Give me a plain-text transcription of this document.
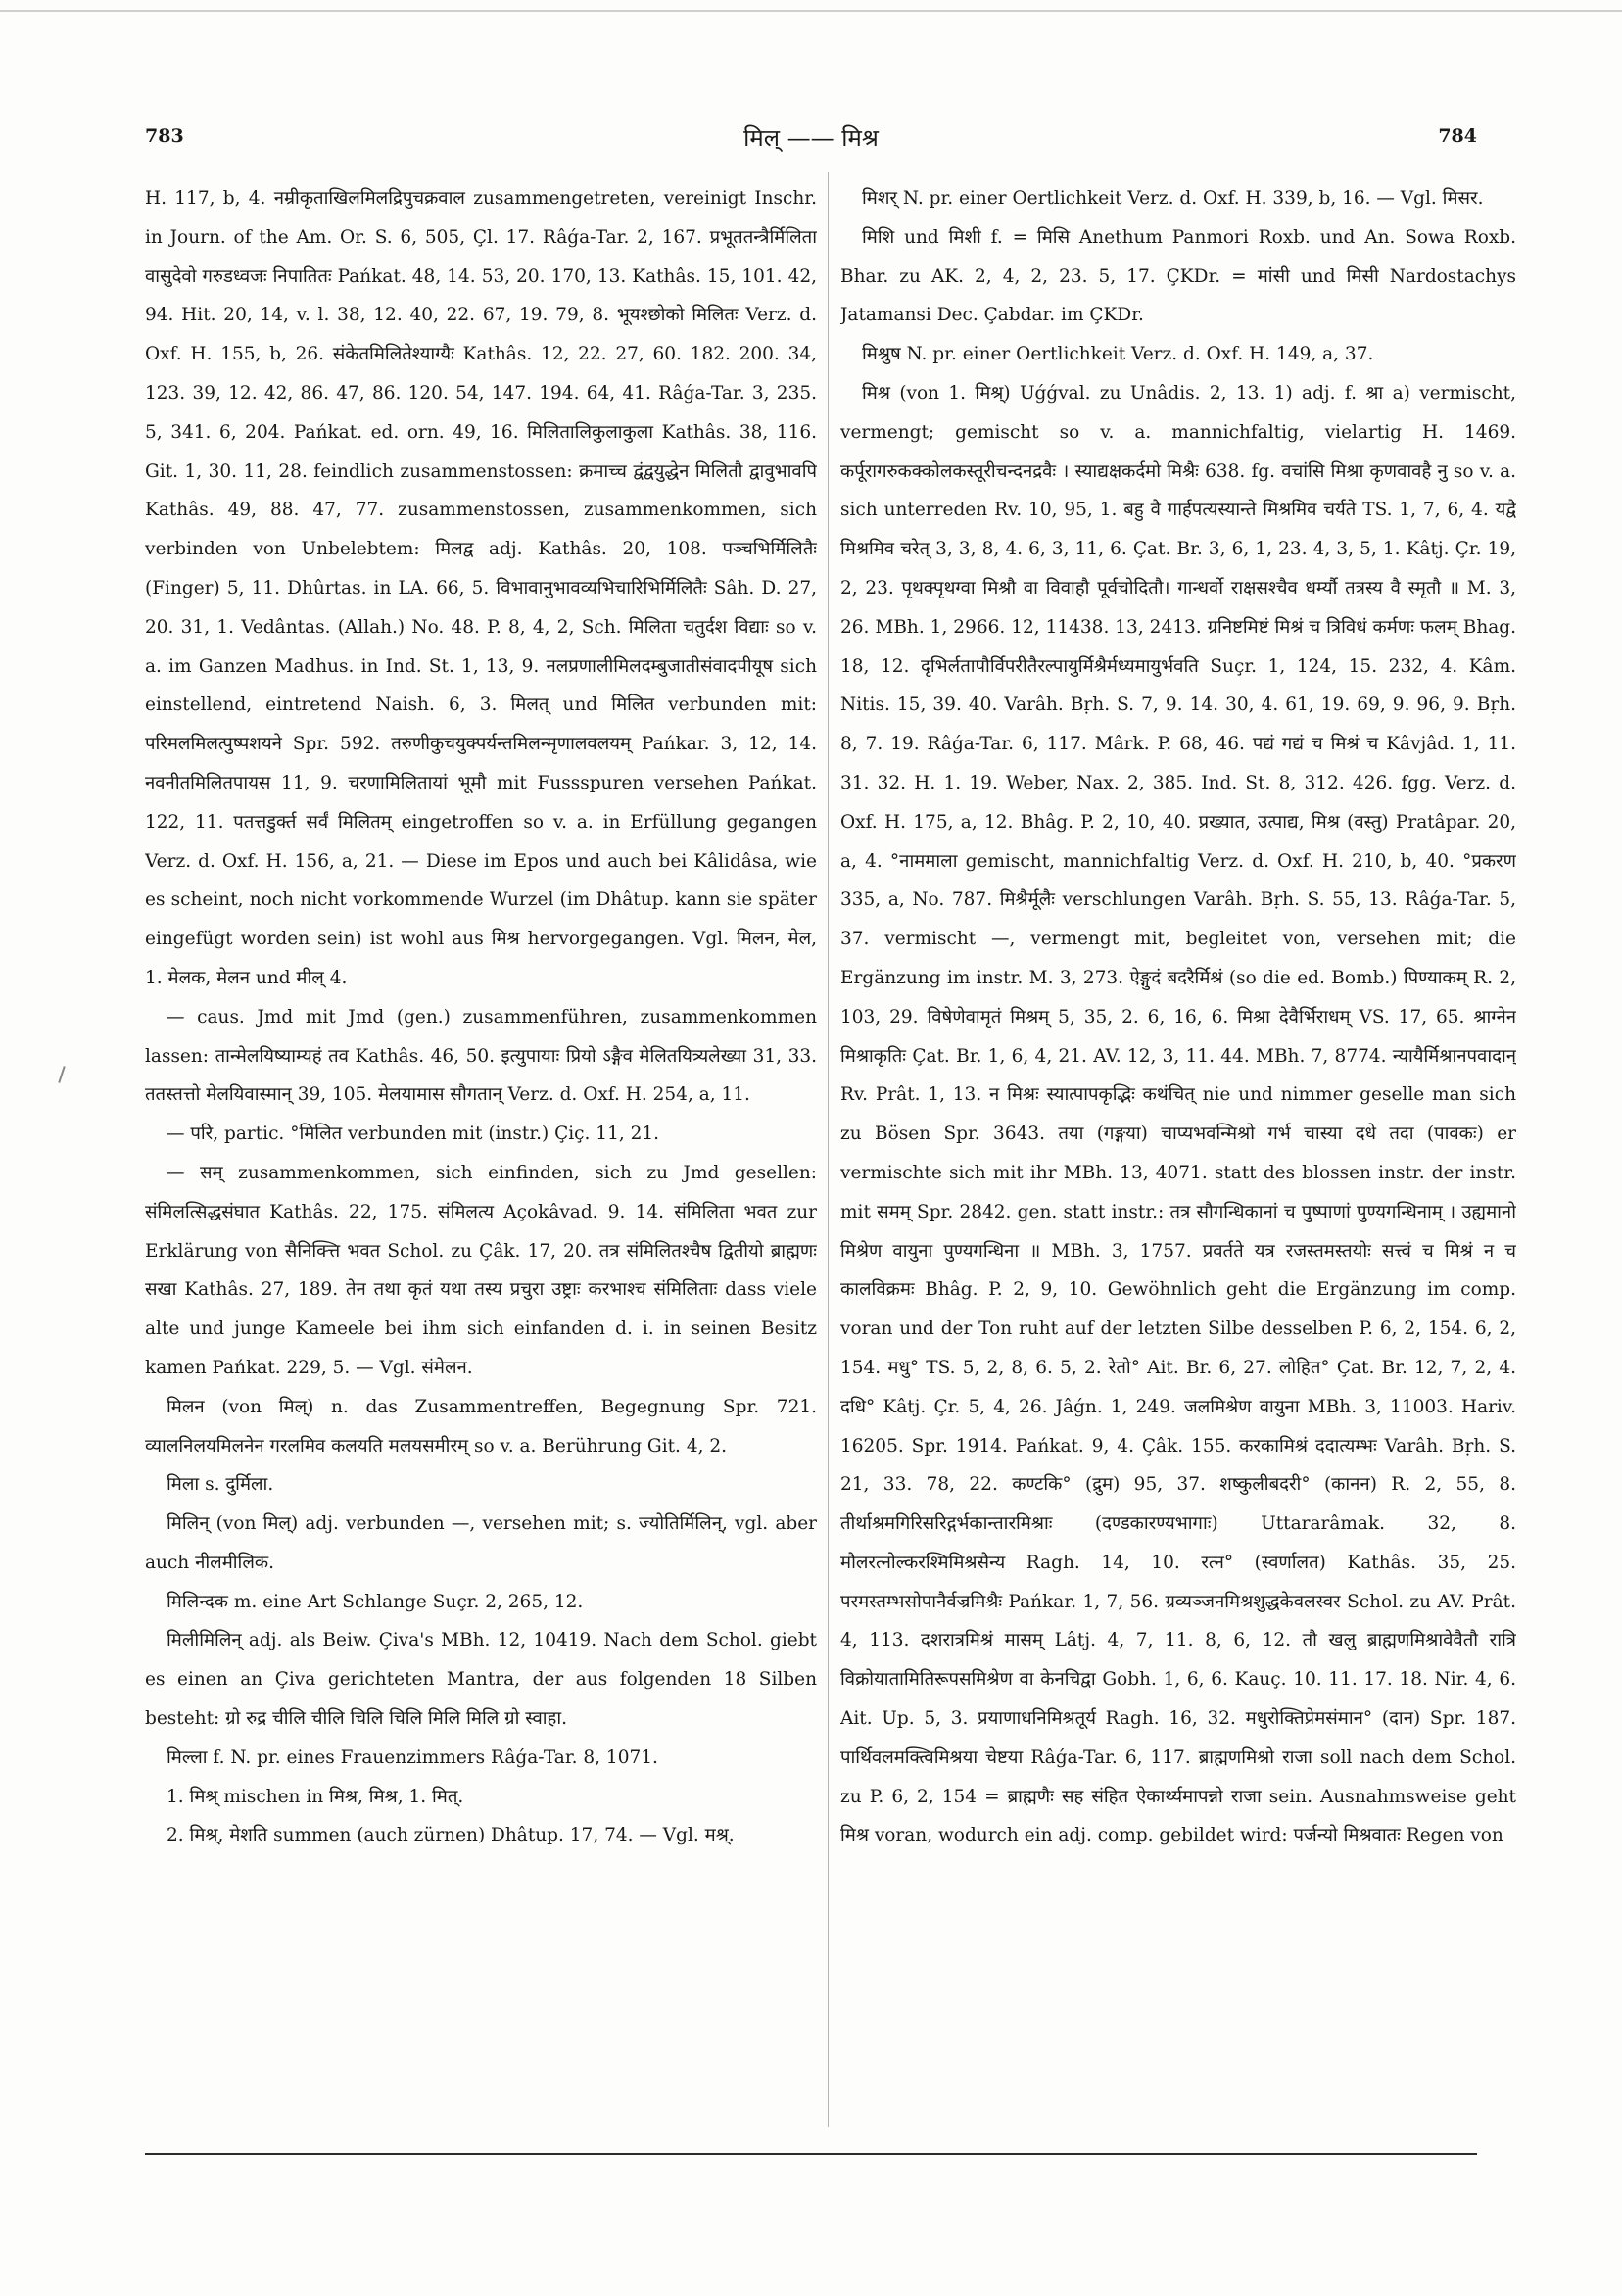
783	मिल् —— मिश्र	784

H. 117, b, 4. नम्रीकृताखिलमिलद्रिपुचक्रवाल zusammengetreten, vereinigt Inschr. in Journ. of the Am. Or. S. 6, 505, Çl. 17. Râǵa-Tar. 2, 167. प्रभूततन्त्रैर्मिलिता वासुदेवो गरुडध्वजः निपातितः Pańkat. 48, 14. 53, 20. 170, 13. Kathâs. 15, 101. 42, 94. Hit. 20, 14, v. l. 38, 12. 40, 22. 67, 19. 79, 8. भूयश्छोको मिलितः Verz. d. Oxf. H. 155, b, 26. संकेतमिलितेश्याग्यैः Kathâs. 12, 22. 27, 60. 182. 200. 34, 123. 39, 12. 42, 86. 47, 86. 120. 54, 147. 194. 64, 41. Râǵa-Tar. 3, 235. 5, 341. 6, 204. Pańkat. ed. orn. 49, 16. मिलितालिकुलाकुला Kathâs. 38, 116. Git. 1, 30. 11, 28. feindlich zusammenstossen: क्रमाच्च द्वंद्वयुद्धेन मिलितौ द्वावुभावपि Kathâs. 49, 88. 47, 77. zusammenstossen, zusammenkommen, sich verbinden von Unbelebtem: मिलद्व adj. Kathâs. 20, 108. पञ्चभिर्मिलितैः (Finger) 5, 11. Dhûrtas. in LA. 66, 5. विभावानुभावव्यभिचारिभिर्मिलितैः Sâh. D. 27, 20. 31, 1. Vedântas. (Allah.) No. 48. P. 8, 4, 2, Sch. मिलिता चतुर्दश विद्याः so v. a. im Ganzen Madhus. in Ind. St. 1, 13, 9. नलप्रणालीमिलदम्बुजातीसंवादपीयूष sich einstellend, eintretend Naish. 6, 3. मिलत् und मिलित verbunden mit: परिमलमिलत्पुष्पशयने Spr. 592. तरुणीकुचयुक्पर्यन्तमिलन्मृणालवलयम् Pańkar. 3, 12, 14. नवनीतमिलितपायस 11, 9. चरणामिलितायां भूमौ mit Fussspuren versehen Pańkat. 122, 11. पतत्तडुर्क्त सर्वं मिलितम् eingetroffen so v. a. in Erfüllung gegangen Verz. d. Oxf. H. 156, a, 21. — Diese im Epos und auch bei Kâlidâsa, wie es scheint, noch nicht vorkommende Wurzel (im Dhâtup. kann sie später eingefügt worden sein) ist wohl aus मिश्र hervorgegangen. Vgl. मिलन, मेल, 1. मेलक, मेलन und मील् 4.

— caus. Jmd mit Jmd (gen.) zusammenführen, zusammenkommen lassen: तान्मेलयिष्याम्यहं तव Kathâs. 46, 50. इत्युपायाः प्रियो ऽङ्गैव मेलितयित्र्यलेख्या 31, 33. ततस्तत्तो मेलयिवास्मान् 39, 105. मेलयामास सौगतान् Verz. d. Oxf. H. 254, a, 11.

— परि, partic. °मिलित verbunden mit (instr.) Çiç. 11, 21.

— सम् zusammenkommen, sich einfinden, sich zu Jmd gesellen: संमिलत्सिद्धसंघात Kathâs. 22, 175. संमिलत्य Açokâvad. 9. 14. संमिलिता भवत zur Erklärung von सैनिक्त्ति भवत Schol. zu Çâk. 17, 20. तत्र संमिलितश्चैष द्वितीयो ब्राह्मणः सखा Kathâs. 27, 189. तेन तथा कृतं यथा तस्य प्रचुरा उष्ट्राः करभाश्च संमिलिताः dass viele alte und junge Kameele bei ihm sich einfanden d. i. in seinen Besitz kamen Pańkat. 229, 5. — Vgl. संमेलन.

मिलन (von मिल्) n. das Zusammentreffen, Begegnung Spr. 721. व्यालनिलयमिलनेन गरलमिव कलयति मलयसमीरम् so v. a. Berührung Git. 4, 2.

मिला s. दुर्मिला.

मिलिन् (von मिल्) adj. verbunden —, versehen mit; s. ज्योतिर्मिलिन्, vgl. aber auch नीलमीलिक.

मिलिन्दक m. eine Art Schlange Suçr. 2, 265, 12.

मिलीमिलिन् adj. als Beiw. Çiva's MBh. 12, 10419. Nach dem Schol. giebt es einen an Çiva gerichteten Mantra, der aus folgenden 18 Silben besteht: ग्रो रुद्र चीलि चीलि चिलि चिलि मिलि मिलि ग्रो स्वाहा.

मिल्ला f. N. pr. eines Frauenzimmers Râǵa-Tar. 8, 1071.

1. मिश्र् mischen in मिश्र, मिश्र, 1. मित्.

2. मिश्र्, मेशति summen (auch zürnen) Dhâtup. 17, 74. — Vgl. मश्र्.

मिशर् N. pr. einer Oertlichkeit Verz. d. Oxf. H. 339, b, 16. — Vgl. मिसर.

मिशि und मिशी f. = मिसि Anethum Panmori Roxb. und An. Sowa Roxb. Bhar. zu AK. 2, 4, 2, 23. 5, 17. ÇKDr. = मांसी und मिसी Nardostachys Jatamansi Dec. Çabdar. im ÇKDr.

मिश्रुष N. pr. einer Oertlichkeit Verz. d. Oxf. H. 149, a, 37.

मिश्र (von 1. मिश्र्) Uǵǵval. zu Unâdis. 2, 13. 1) adj. f. श्रा a) vermischt, vermengt; gemischt so v. a. mannichfaltig, vielartig H. 1469. कर्पूरागरुकक्कोलकस्तूरीचन्दनद्रवैः । स्याद्यक्षकर्दमो मिश्रैः 638. fg. वचांसि मिश्रा कृणवावहै नु so v. a. sich unterreden Rv. 10, 95, 1. बहु वै गार्हपत्यस्यान्ते मिश्रमिव चर्यते TS. 1, 7, 6, 4. यद्वै मिश्रमिव चरेत् 3, 3, 8, 4. 6, 3, 11, 6. Çat. Br. 3, 6, 1, 23. 4, 3, 5, 1. Kâtj. Çr. 19, 2, 23. पृथक्पृथग्वा मिश्रौ वा विवाहौ पूर्वचोदितौ। गान्धर्वो राक्षसश्चैव धर्म्यौ तत्रस्य वै स्मृतौ ॥ M. 3, 26. MBh. 1, 2966. 12, 11438. 13, 2413. ग्रनिष्टमिष्टं मिश्रं च त्रिविधं कर्मणः फलम् Bhag. 18, 12. दृभिर्लतापौर्विपरीतैरल्पायुर्मिश्रैर्मध्यमायुर्भवति Suçr. 1, 124, 15. 232, 4. Kâm. Nitis. 15, 39. 40. Varâh. Bṛh. S. 7, 9. 14. 30, 4. 61, 19. 69, 9. 96, 9. Bṛh. 8, 7. 19. Râǵa-Tar. 6, 117. Mârk. P. 68, 46. पद्यं गद्यं च मिश्रं च Kâvjâd. 1, 11. 31. 32. H. 1. 19. Weber, Nax. 2, 385. Ind. St. 8, 312. 426. fgg. Verz. d. Oxf. H. 175, a, 12. Bhâg. P. 2, 10, 40. प्रख्यात, उत्पाद्य, मिश्र (वस्तु) Pratâpar. 20, a, 4. °नाममाला gemischt, mannichfaltig Verz. d. Oxf. H. 210, b, 40. °प्रकरण 335, a, No. 787. मिश्रैर्मूलैः verschlungen Varâh. Bṛh. S. 55, 13. Râǵa-Tar. 5, 37. vermischt —, vermengt mit, begleitet von, versehen mit; die Ergänzung im instr. M. 3, 273. ऐङ्गुदं बदरैर्मिश्रं (so die ed. Bomb.) पिण्याकम् R. 2, 103, 29. विषेणेवामृतं मिश्रम् 5, 35, 2. 6, 16, 6. मिश्रा देवैर्भिराधम् VS. 17, 65. श्राग्नेन मिश्राकृतिः Çat. Br. 1, 6, 4, 21. AV. 12, 3, 11. 44. MBh. 7, 8774. न्यायैर्मिश्रानपवादान् Rv. Prât. 1, 13. न मिश्रः स्यात्पापकृद्भिः कथंचित् nie und nimmer geselle man sich zu Bösen Spr. 3643. तया (गङ्गया) चाप्यभवन्मिश्रो गर्भ चास्या दधे तदा (पावकः) er vermischte sich mit ihr MBh. 13, 4071. statt des blossen instr. der instr. mit समम् Spr. 2842. gen. statt instr.: तत्र सौगन्धिकानां च पुष्पाणां पुण्यगन्धिनाम् । उह्यमानो मिश्रेण वायुना पुण्यगन्धिना ॥ MBh. 3, 1757. प्रवर्तते यत्र रजस्तमस्तयोः सत्त्वं च मिश्रं न च कालविक्रमः Bhâg. P. 2, 9, 10. Gewöhnlich geht die Ergänzung im comp. voran und der Ton ruht auf der letzten Silbe desselben P. 6, 2, 154. 6, 2, 154. मधु° TS. 5, 2, 8, 6. 5, 2. रेतो° Ait. Br. 6, 27. लोहित° Çat. Br. 12, 7, 2, 4. दधि° Kâtj. Çr. 5, 4, 26. Jâǵn. 1, 249. जलमिश्रेण वायुना MBh. 3, 11003. Hariv. 16205. Spr. 1914. Pańkat. 9, 4. Çâk. 155. करकामिश्रं ददात्यम्भः Varâh. Bṛh. S. 21, 33. 78, 22. कण्टकि° (द्रुम) 95, 37. शष्कुलीबदरी° (कानन) R. 2, 55, 8. तीर्थाश्रमगिरिसरिद्गर्भकान्तारमिश्राः (दण्डकारण्यभागाः) Uttararâmak. 32, 8. मौलरत्नोल्करश्मिमिश्रसैन्य Ragh. 14, 10. रत्न° (स्वर्णालत) Kathâs. 35, 25. परमस्तम्भसोपानैर्वज्रमिश्रैः Pańkar. 1, 7, 56. ग्रव्यञ्जनमिश्रशुद्धकेवलस्वर Schol. zu AV. Prât. 4, 113. दशरात्रमिश्रं मासम् Lâtj. 4, 7, 11. 8, 6, 12. तौ खलु ब्राह्मणमिश्रावेवैतौ रात्रि विक्रोयातामितिरूपसमिश्रेण वा केनचिद्वा Gobh. 1, 6, 6. Kauç. 10. 11. 17. 18. Nir. 4, 6. Ait. Up. 5, 3. प्रयाणाधनिमिश्रतूर्य Ragh. 16, 32. मधुरोक्तिप्रेमसंमान° (दान) Spr. 187. पार्थिवलमक्त्विमिश्रया चेष्टया Râǵa-Tar. 6, 117. ब्राह्मणमिश्रो राजा soll nach dem Schol. zu P. 6, 2, 154 = ब्राह्मणैः सह संहित ऐकार्थ्यमापन्नो राजा sein. Ausnahmsweise geht मिश्र voran, wodurch ein adj. comp. gebildet wird: पर्जन्यो मिश्रवातः Regen von
